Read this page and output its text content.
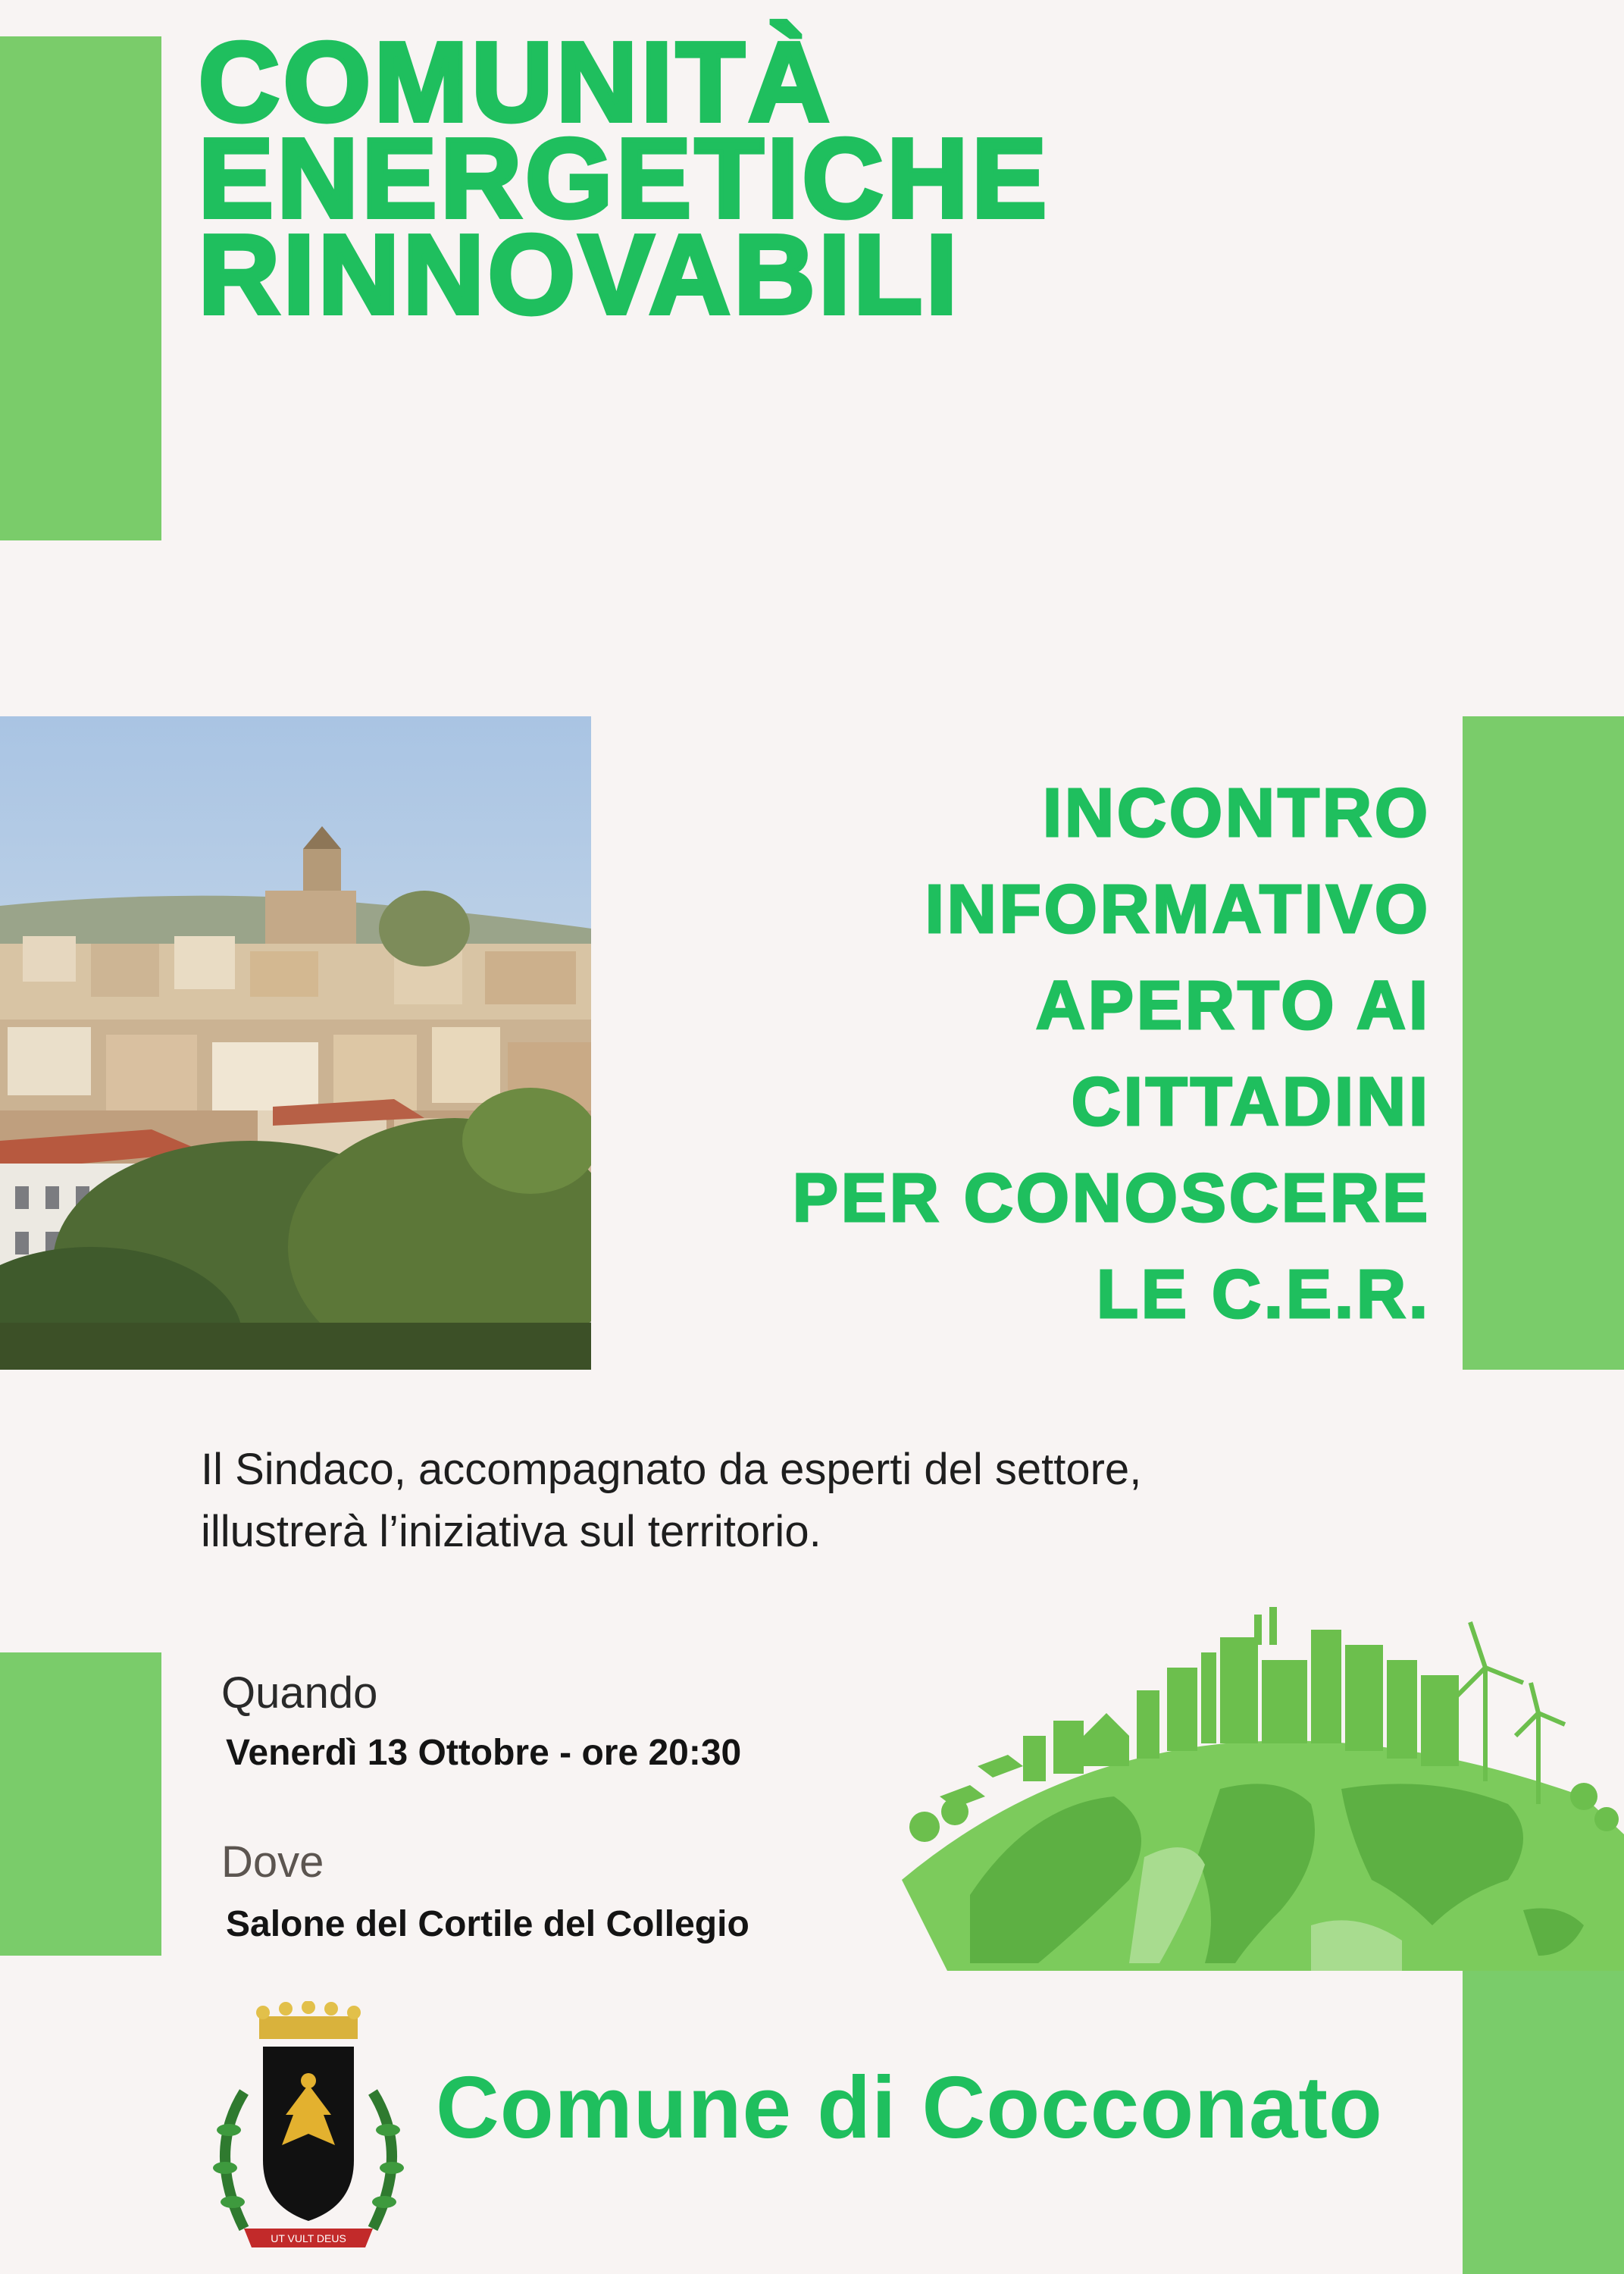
COMUNITÀ
ENERGETICHE
RINNOVABILI
INCONTRO
INFORMATIVO
APERTO AI
CITTADINI
PER CONOSCERE
LE C.E.R.

Il Sindaco, accompagnato da esperti del settore,
illustrerà l’iniziativa sul territorio.

Quando
Venerdì 13 Ottobre - ore 20:30
Dove
Salone del Cortile del Collegio
UT VULT DEUS
Comune di Cocconato
